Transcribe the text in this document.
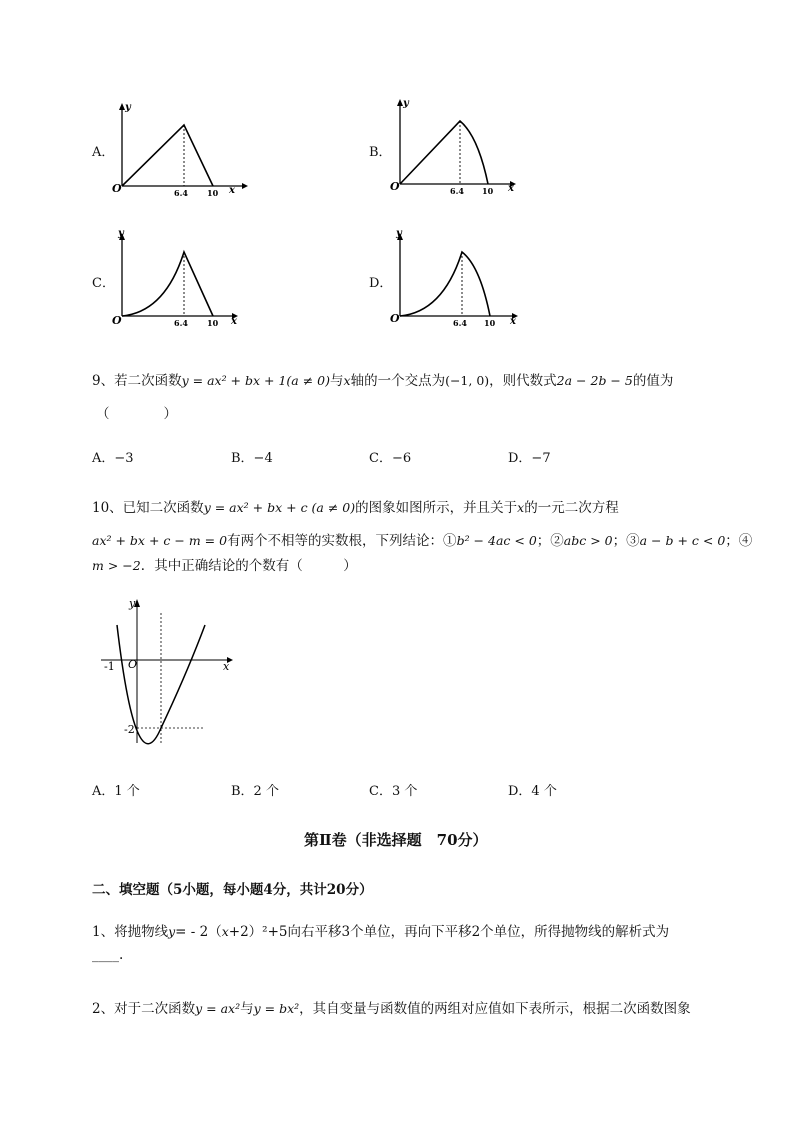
A．
y
O	6.4 10 x
B．
y
O	6.4 10 x
C．
y
O	6.4 10 x
D．
y
O	6.4 10 x
9、若二次函数y = ax² + bx + 1(a ≠ 0)与x轴的一个交点为(−1, 0)，则代数式2a − 2b − 5的值为
（　　　　）
A．−3	B．−4	C．−6	D．−7
10、已知二次函数y = ax² + bx + c (a ≠ 0)的图象如图所示，并且关于x的一元二次方程
ax² + bx + c − m = 0有两个不相等的实数根，下列结论：①b² − 4ac < 0；②abc > 0；③a − b + c < 0；④
m > −2．其中正确结论的个数有（　　　）
y
x
O
-1
-2
A．1 个	B．2 个	C．3 个	D．4 个
第Ⅱ卷（非选择题　70分）
二、填空题（5小题，每小题4分，共计20分）
1、将抛物线y= - 2（x+2）²+5向右平移3个单位，再向下平移2个单位，所得抛物线的解析式为
____.
2、对于二次函数y = ax²与y = bx²，其自变量与函数值的两组对应值如下表所示，根据二次函数图象
